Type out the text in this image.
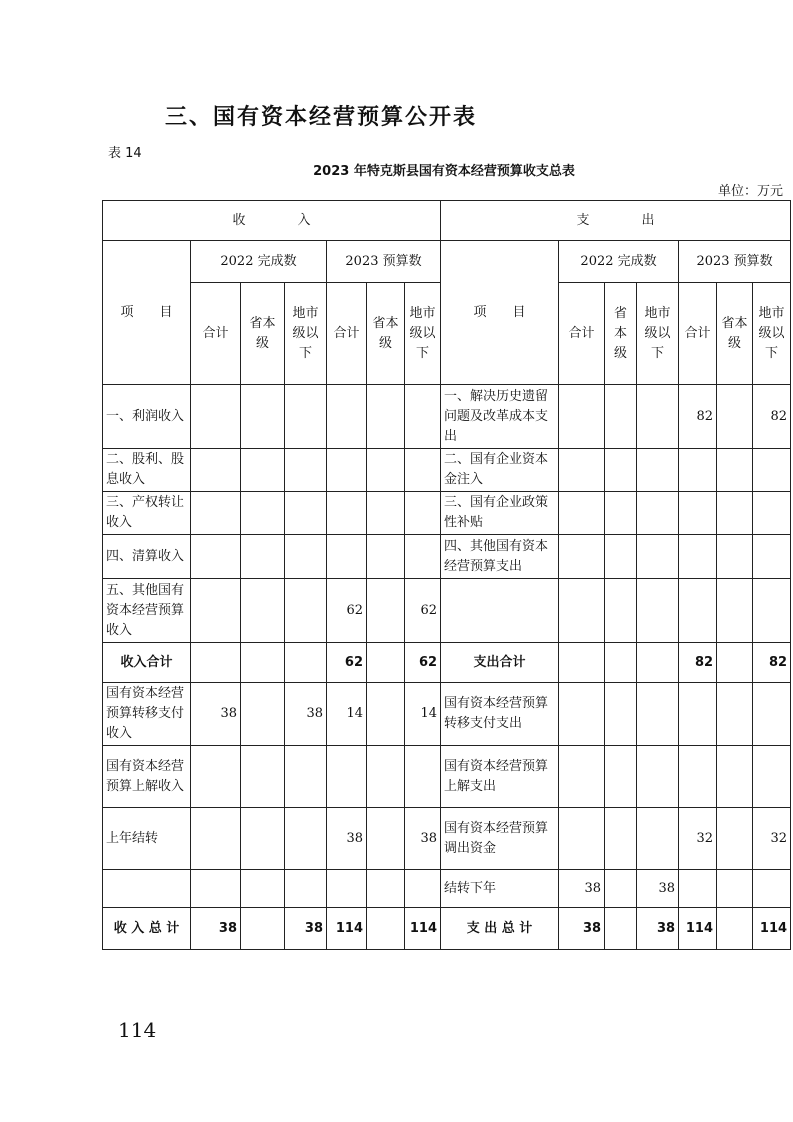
三、国有资本经营预算公开表
表 14
2023 年特克斯县国有资本经营预算收支总表
单位：万元
收　　　　入							支　　　　出						
项　　目	2022 完成数			2023 预算数			项　　目	2022 完成数			2023 预算数		
	合计	省本级	地市级以下	合计	省本级	地市级以下		合计	省本级	地市级以下	合计	省本级	地市级以下
一、利润收入							一、解决历史遗留问题及改革成本支出				82		82
二、股利、股息收入							二、国有企业资本金注入						
三、产权转让收入							三、国有企业政策性补贴						
四、清算收入							四、其他国有资本经营预算支出						
五、其他国有资本经营预算收入				62		62							
收入合计				62		62	支出合计				82		82
国有资本经营预算转移支付收入	38		38	14		14	国有资本经营预算转移支付支出						
国有资本经营预算上解收入							国有资本经营预算上解支出						
上年结转				38		38	国有资本经营预算调出资金				32		32
							结转下年	38		38			
收 入 总 计	38		38	114		114	支 出 总 计	38		38	114		114
114
